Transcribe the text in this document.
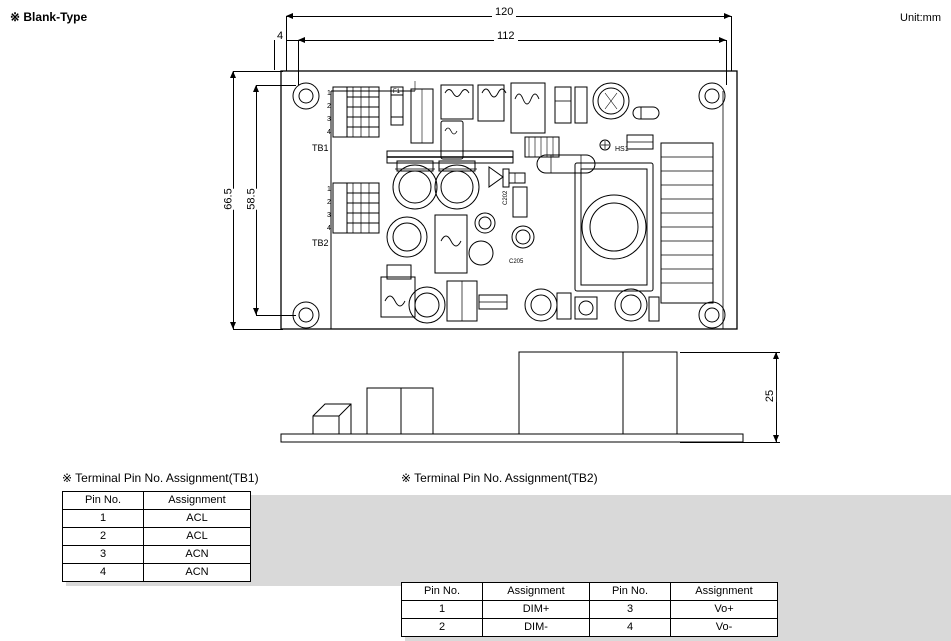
※ Blank-Type	Unit:mm
120
112
4
66.5 58.5
1
2
3
4
1
2
3
4
F1
HS1
C202
C205
TB1
TB2
25
※ Terminal Pin No. Assignment(TB1)
Pin No.	Assignment
1	ACL
2	ACL
3	ACN
4	ACN
※ Terminal Pin No. Assignment(TB2)
Pin No.	Assignment	Pin No.	Assignment
1	DIM+	3	Vo+
2	DIM-	4	Vo-
